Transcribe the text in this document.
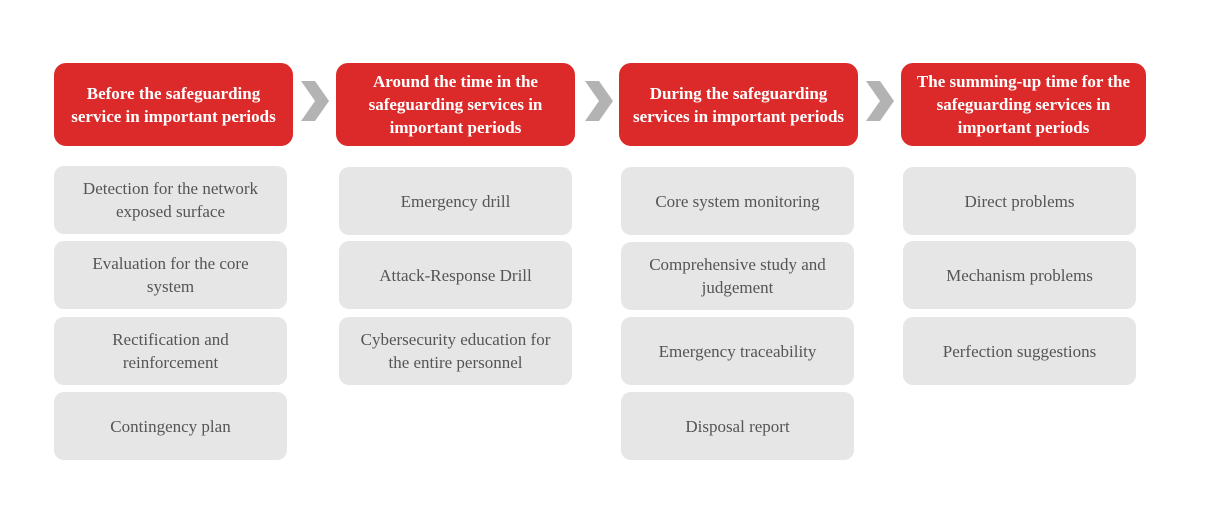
Before the safeguarding service in important periods
Detection for the network exposed surface
Evaluation for the core system
Rectification and reinforcement
Contingency plan
Around the time in the safeguarding services in important periods
Emergency drill
Attack-Response Drill
Cybersecurity education for the entire personnel
During the safeguarding services in important periods
Core system monitoring
Comprehensive study and judgement
Emergency traceability
Disposal report
The summing-up time for the safeguarding services in important periods
Direct problems
Mechanism problems
Perfection suggestions
